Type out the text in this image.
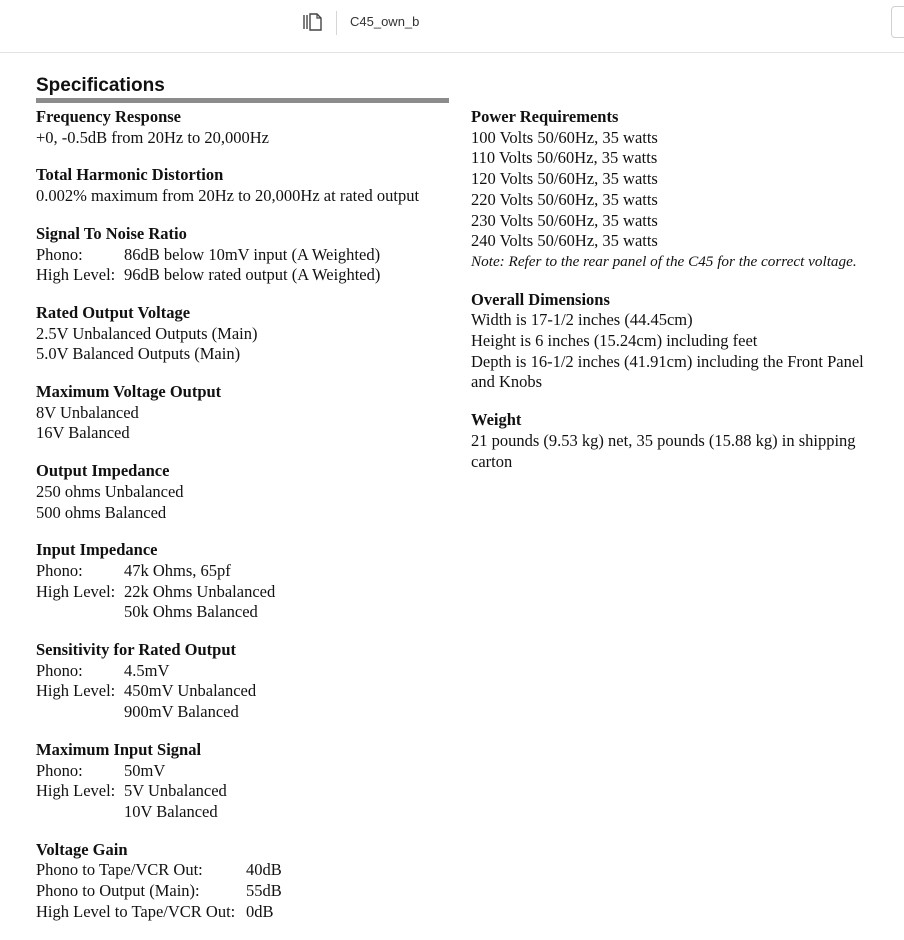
C45_own_b
Specifications
Frequency Response
+0, -0.5dB from 20Hz to 20,000Hz
Total Harmonic Distortion
0.002% maximum from 20Hz to 20,000Hz at rated output
Signal To Noise Ratio
Phono:	86dB below 10mV input (A Weighted)
High Level: 96dB below rated output (A Weighted)
Rated Output Voltage
2.5V Unbalanced Outputs (Main)
5.0V Balanced Outputs (Main)
Maximum Voltage Output
8V Unbalanced
16V Balanced
Output Impedance
250 ohms Unbalanced
500 ohms Balanced
Input Impedance
Phono:	47k Ohms, 65pf
High Level: 22k Ohms Unbalanced
50k Ohms Balanced
Sensitivity for Rated Output
Phono:	4.5mV
High Level: 450mV Unbalanced
900mV Balanced
Maximum Input Signal
Phono:	50mV
High Level: 5V Unbalanced
10V Balanced
Voltage Gain
Phono to Tape/VCR Out:	40dB
Phono to Output (Main):	55dB
High Level to Tape/VCR Out: 0dB
Power Requirements
100 Volts 50/60Hz, 35 watts
110 Volts 50/60Hz, 35 watts
120 Volts 50/60Hz, 35 watts
220 Volts 50/60Hz, 35 watts
230 Volts 50/60Hz, 35 watts
240 Volts 50/60Hz, 35 watts
Note: Refer to the rear panel of the C45 for the correct voltage.
Overall Dimensions
Width is 17-1/2 inches (44.45cm)
Height is 6 inches (15.24cm) including feet
Depth is 16-1/2 inches (41.91cm) including the Front Panel
and Knobs
Weight
21 pounds (9.53 kg) net, 35 pounds (15.88 kg) in shipping
carton
